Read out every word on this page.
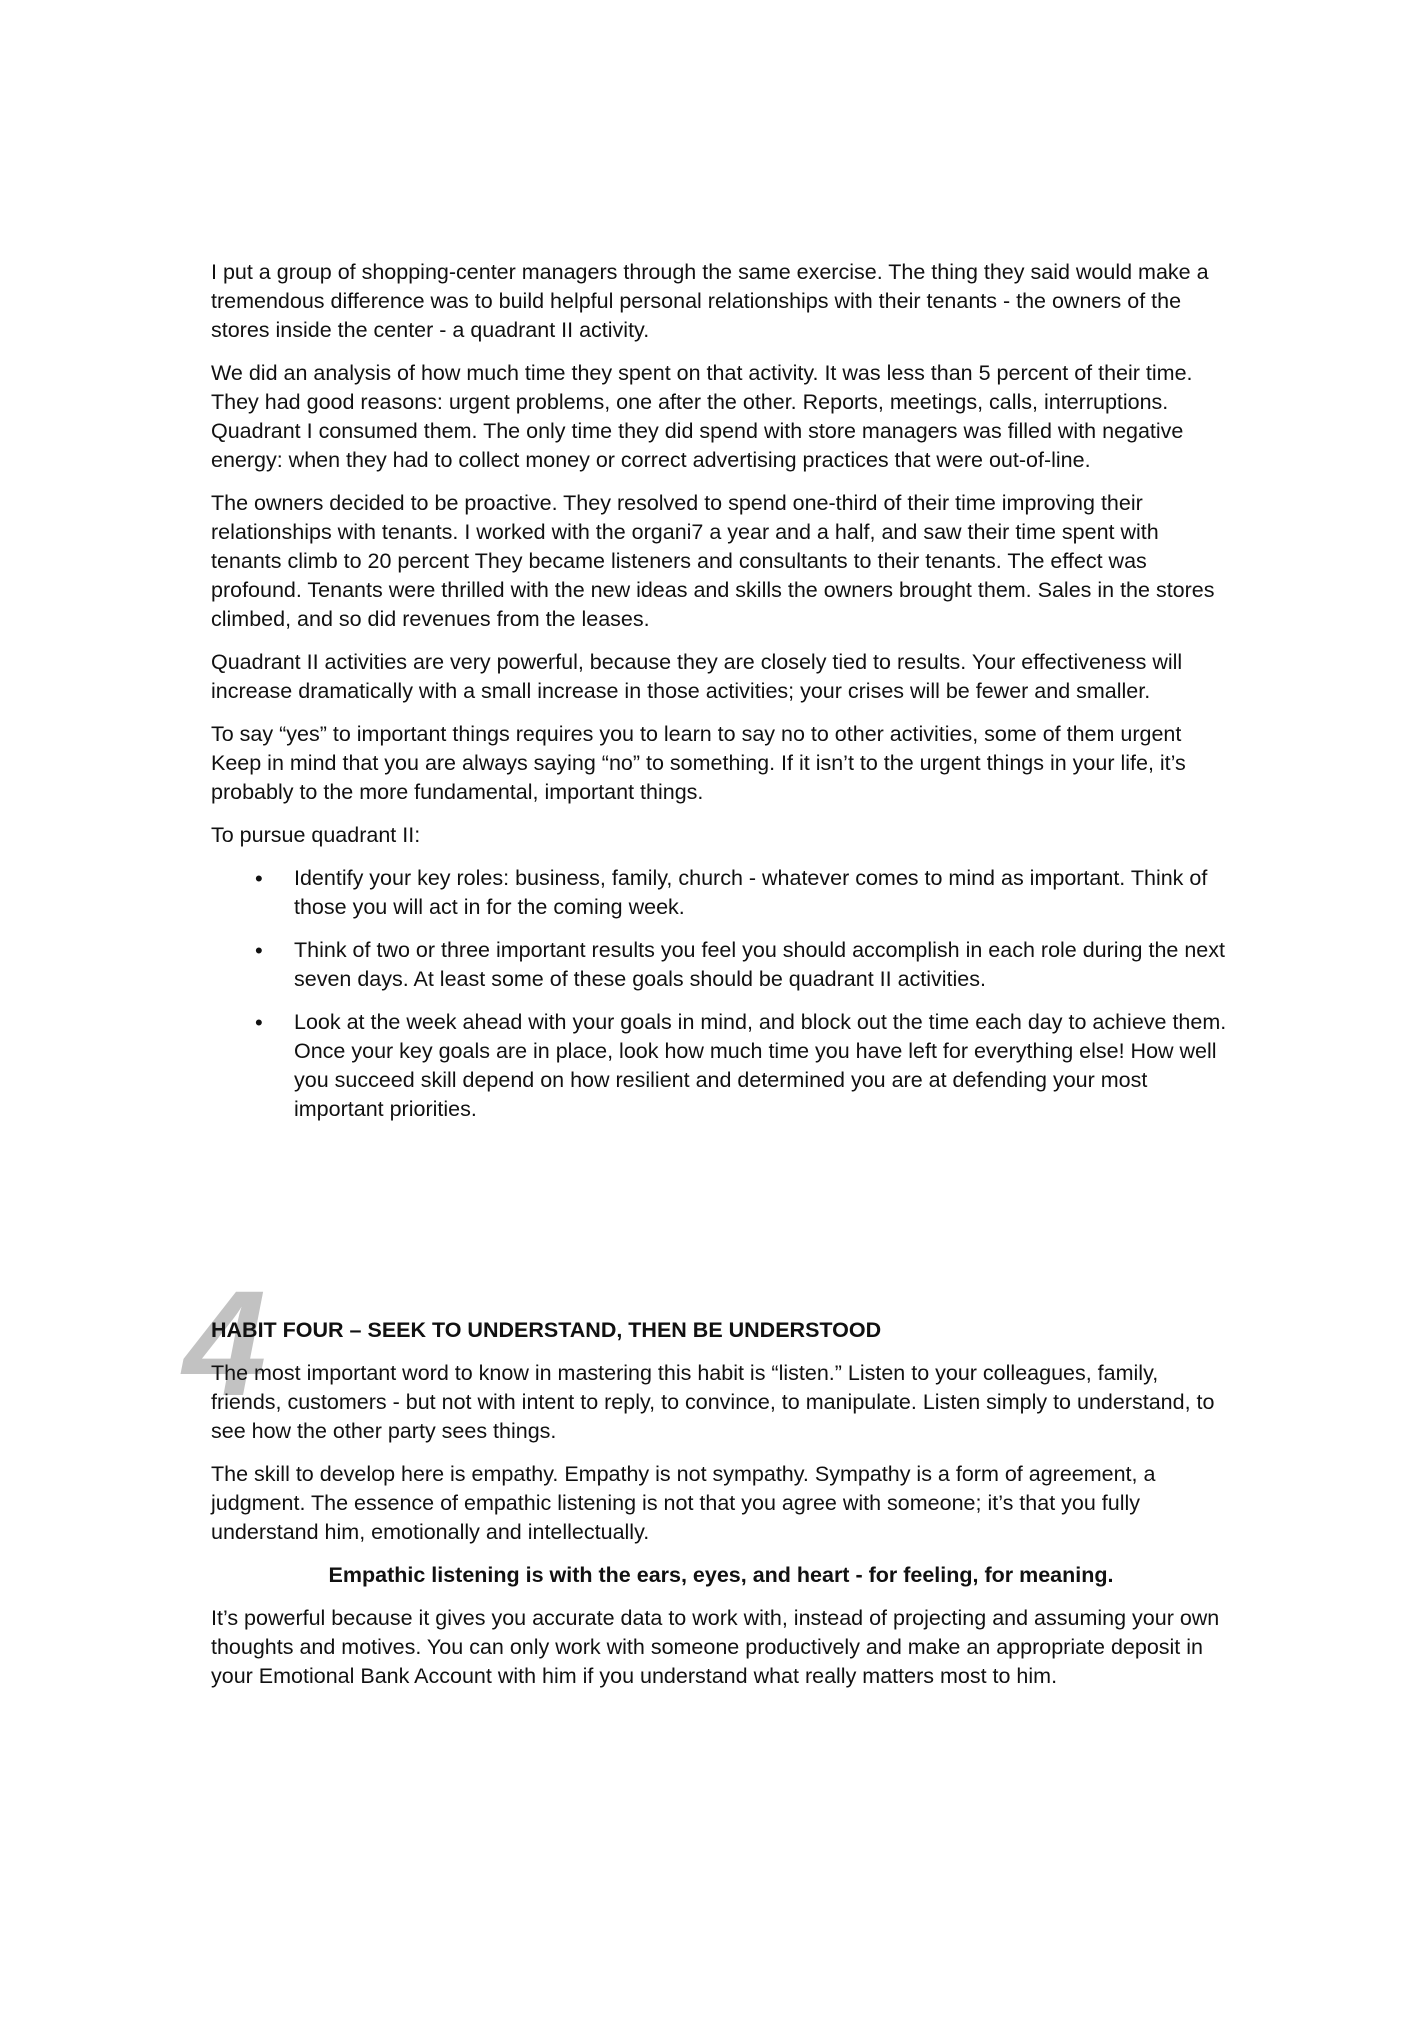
I put a group of shopping-center managers through the same exercise. The thing they said would make a tremendous difference was to build helpful personal relationships with their tenants - the owners of the stores inside the center - a quadrant II activity.

We did an analysis of how much time they spent on that activity. It was less than 5 percent of their time. They had good reasons: urgent problems, one after the other. Reports, meetings, calls, interruptions. Quadrant I consumed them. The only time they did spend with store managers was filled with negative energy: when they had to collect money or correct advertising practices that were out-of-line.

The owners decided to be proactive. They resolved to spend one-third of their time improving their relationships with tenants. I worked with the organi7 a year and a half, and saw their time spent with tenants climb to 20 percent They became listeners and consultants to their tenants. The effect was profound. Tenants were thrilled with the new ideas and skills the owners brought them. Sales in the stores climbed, and so did revenues from the leases.

Quadrant II activities are very powerful, because they are closely tied to results. Your effectiveness will increase dramatically with a small increase in those activities; your crises will be fewer and smaller.

To say “yes” to important things requires you to learn to say no to other activities, some of them urgent Keep in mind that you are always saying “no” to something. If it isn’t to the urgent things in your life, it’s probably to the more fundamental, important things.

To pursue quadrant II:

• Identify your key roles: business, family, church - whatever comes to mind as important. Think of those you will act in for the coming week.
• Think of two or three important results you feel you should accomplish in each role during the next seven days. At least some of these goals should be quadrant II activities.
• Look at the week ahead with your goals in mind, and block out the time each day to achieve them. Once your key goals are in place, look how much time you have left for everything else! How well you succeed skill depend on how resilient and determined you are at defending your most important priorities.
4
HABIT FOUR – SEEK TO UNDERSTAND, THEN BE UNDERSTOOD

The most important word to know in mastering this habit is “listen.” Listen to your colleagues, family, friends, customers - but not with intent to reply, to convince, to manipulate. Listen simply to understand, to see how the other party sees things.

The skill to develop here is empathy. Empathy is not sympathy. Sympathy is a form of agreement, a judgment. The essence of empathic listening is not that you agree with someone; it’s that you fully understand him, emotionally and intellectually.

Empathic listening is with the ears, eyes, and heart - for feeling, for meaning.

It’s powerful because it gives you accurate data to work with, instead of projecting and assuming your own thoughts and motives. You can only work with someone productively and make an appropriate deposit in your Emotional Bank Account with him if you understand what really matters most to him.
